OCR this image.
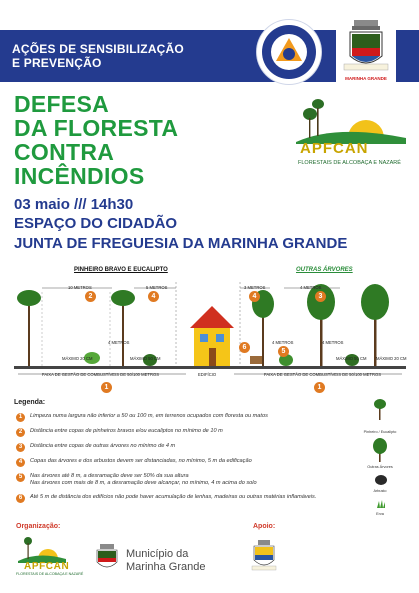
AÇÕES DE SENSIBILIZAÇÃO
E PREVENÇÃO
MARINHA GRANDE
DEFESA
DA FLORESTA
CONTRA
INCÊNDIOS
APFCAN
FLORESTAIS DE ALCOBAÇA E NAZARÉ
03 maio /// 14h30
ESPAÇO DO CIDADÃO
JUNTA DE FREGUESIA DA MARINHA GRANDE
PINHEIRO BRAVO E EUCALIPTO	OUTRAS ÁRVORES
10 METROS	5 METROS	3 METROS	4 METROS
MÁXIMO 20 CM	MÁXIMO 50 CM	MÁXIMO 50 CM MÁXIMO 20 CM
4 METROS	4 METROS	4 METROS
FAIXA DE GESTÃO DE COMBUSTÍVEIS DE 50/100 METROS	EDIFÍCIO	FAIXA DE GESTÃO DE COMBUSTÍVEIS DE 50/100 METROS
2	4
1
6
5
4	3
1
Legenda:
1	Limpeza numa largura não inferior a 50 ou 100 m, em terrenos ocupados com floresta ou matos
2	Distância entre copas de pinheiros bravos e/ou eucaliptos no mínimo de 10 m
3	Distância entre copas de outras árvores no mínimo de 4 m
4	Copas das árvores e dos arbustos devem ser distanciadas, no mínimo, 5 m da edificação
5	Nas árvores até 8 m, a desramação deve ser 50% da sua altura
Nas árvores com mais de 8 m, a desramação deve alcançar, no mínimo, 4 m acima do solo
6	Até 5 m de distância dos edifícios não pode haver acumulação de lenhas, madeiras ou outras matérias inflamáveis.
Pinheiro / Eucalipto
Outras Árvores
Arbusto
Erva
Organização:	Apoio:
APFCAN
FLORESTAIS DE ALCOBAÇA E NAZARÉ
Município da
Marinha Grande
